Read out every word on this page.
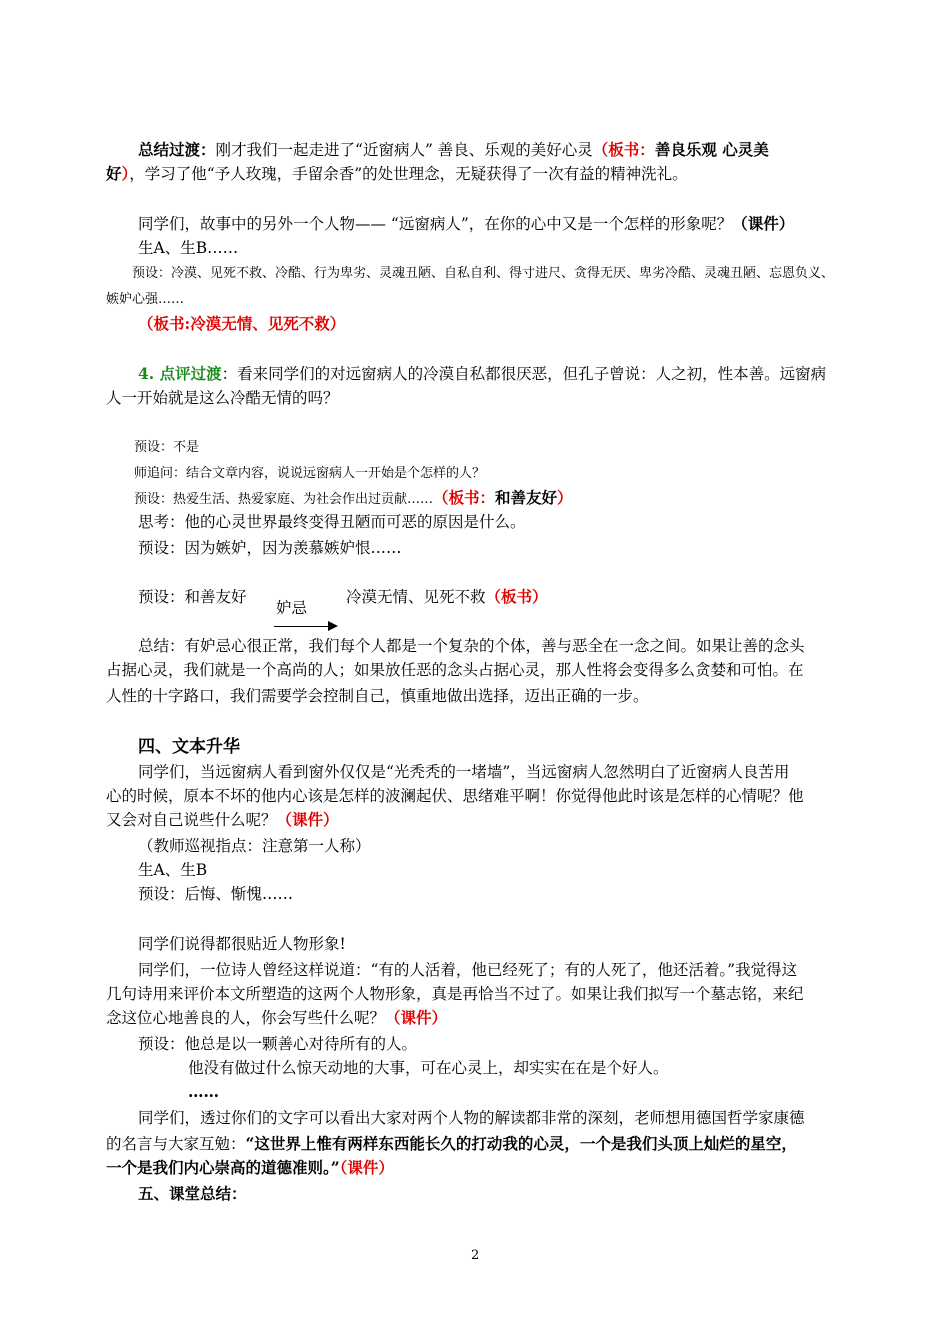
总结过渡：刚才我们一起走进了“近窗病人” 善良、乐观的美好心灵（板书：善良乐观 心灵美
好），学习了他“予人玫瑰，手留余香”的处世理念，无疑获得了一次有益的精神洗礼。
同学们，故事中的另外一个人物—— “远窗病人”，在你的心中又是一个怎样的形象呢？（课件）
生A、生B……
预设：冷漠、见死不救、冷酷、行为卑劣、灵魂丑陋、自私自利、得寸进尺、贪得无厌、卑劣冷酷、灵魂丑陋、忘恩负义、
嫉妒心强……
（板书:冷漠无情、见死不救）
4. 点评过渡：看来同学们的对远窗病人的冷漠自私都很厌恶，但孔子曾说：人之初，性本善。远窗病
人一开始就是这么冷酷无情的吗？
预设：不是
师追问：结合文章内容，说说远窗病人一开始是个怎样的人？
预设：热爱生活、热爱家庭、为社会作出过贡献……（板书：和善友好）
思考：他的心灵世界最终变得丑陋而可恶的原因是什么。
预设：因为嫉妒，因为羡慕嫉妒恨……
预设：和善友好
妒忌
冷漠无情、见死不救（板书）
总结：有妒忌心很正常，我们每个人都是一个复杂的个体，善与恶全在一念之间。如果让善的念头
占据心灵，我们就是一个高尚的人；如果放任恶的念头占据心灵，那人性将会变得多么贪婪和可怕。在
人性的十字路口，我们需要学会控制自己，慎重地做出选择，迈出正确的一步。
四、文本升华
同学们，当远窗病人看到窗外仅仅是“光秃秃的一堵墙”，当远窗病人忽然明白了近窗病人良苦用
心的时候，原本不坏的他内心该是怎样的波澜起伏、思绪难平啊！你觉得他此时该是怎样的心情呢？他
又会对自己说些什么呢？（课件）
（教师巡视指点：注意第一人称）
生A、生B
预设：后悔、惭愧……
同学们说得都很贴近人物形象!
同学们，一位诗人曾经这样说道：“有的人活着，他已经死了；有的人死了，他还活着。”我觉得这
几句诗用来评价本文所塑造的这两个人物形象，真是再恰当不过了。如果让我们拟写一个墓志铭，来纪
念这位心地善良的人，你会写些什么呢？（课件）
预设：他总是以一颗善心对待所有的人。
他没有做过什么惊天动地的大事，可在心灵上，却实实在在是个好人。
……
同学们，透过你们的文字可以看出大家对两个人物的解读都非常的深刻，老师想用德国哲学家康德
的名言与大家互勉：“这世界上惟有两样东西能长久的打动我的心灵，一个是我们头顶上灿烂的星空，
一个是我们内心崇高的道德准则。”（课件）
五、课堂总结：
2
